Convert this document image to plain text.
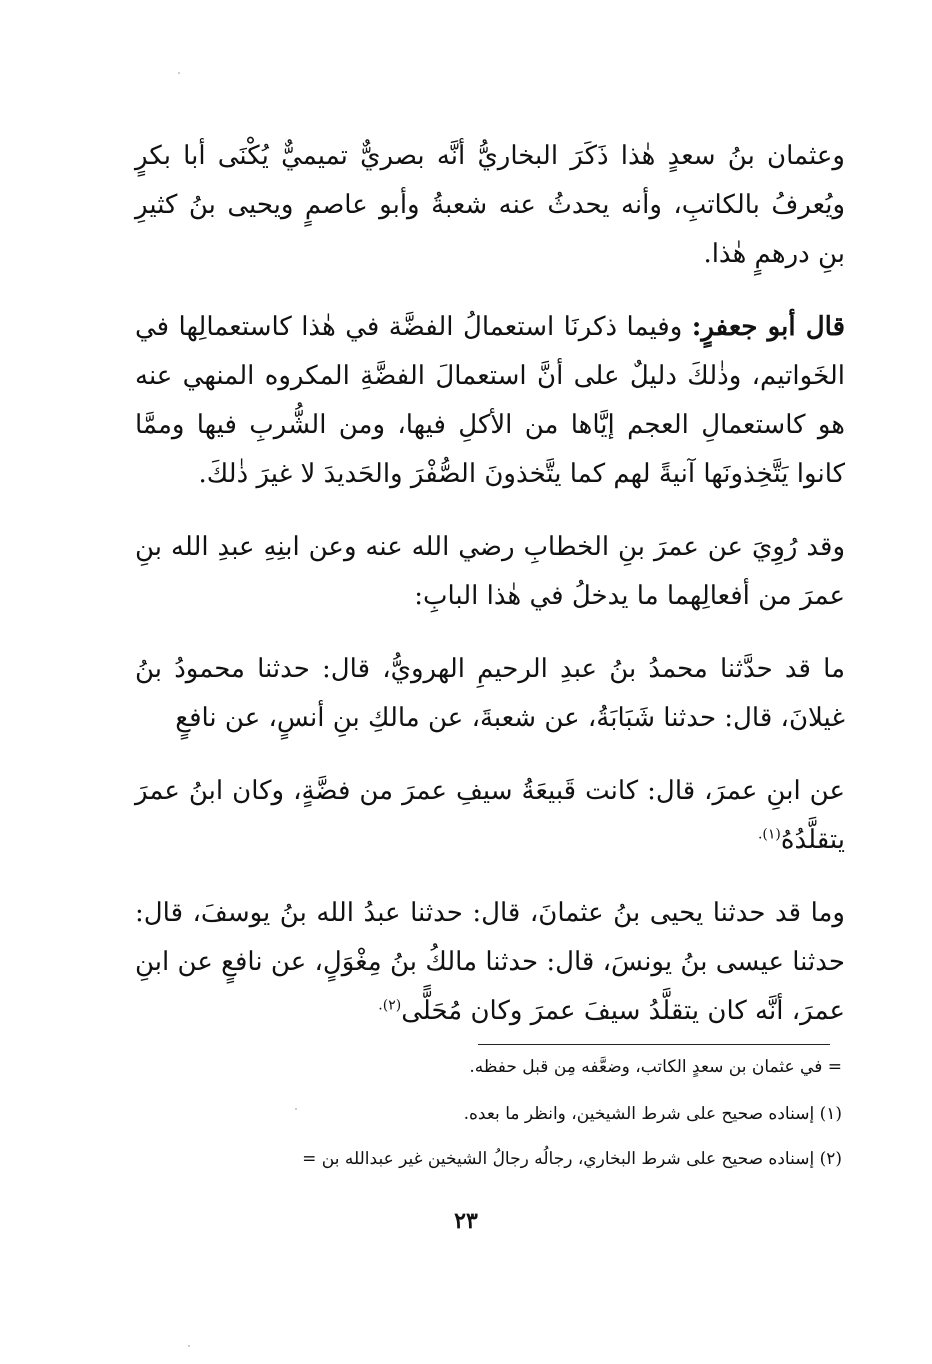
وعثمان بنُ سعدٍ هٰذا ذَكَرَ البخاريُّ أنَّه بصريٌّ تميميٌّ يُكْنَى أبا بكرٍ ويُعرفُ بالكاتبِ، وأنه يحدثُ عنه شعبةُ وأبو عاصمٍ ويحيى بنُ كثيرِ بنِ درهمٍ هٰذا.

قال أبو جعفرٍ: وفيما ذكرنَا استعمالُ الفضَّة في هٰذا كاستعمالِها في الخَواتيم، وذٰلكَ دليلٌ على أنَّ استعمالَ الفضَّةِ المكروه المنهي عنه هو كاستعمالِ العجم إيَّاها من الأكلِ فيها، ومن الشُّربِ فيها وممَّا كانوا يَتَّخِذونَها آنيةً لهم كما يتَّخذونَ الصُّفْرَ والحَديدَ لا غيرَ ذٰلكَ.

وقد رُوِيَ عن عمرَ بنِ الخطابِ رضي الله عنه وعن ابنِهِ عبدِ الله بنِ عمرَ من أفعالِهما ما يدخلُ في هٰذا البابِ:

ما قد حدَّثنا محمدُ بنُ عبدِ الرحيمِ الهرويُّ، قال: حدثنا محمودُ بنُ غيلانَ، قال: حدثنا شَبَابَةُ، عن شعبةَ، عن مالكِ بنِ أنسٍ، عن نافعٍ

عن ابنِ عمرَ، قال: كانت قَبيعَةُ سيفِ عمرَ من فضَّةٍ، وكان ابنُ عمرَ يتقلَّدُهُ$^{(١).}$

وما قد حدثنا يحيى بنُ عثمانَ، قال: حدثنا عبدُ الله بنُ يوسفَ، قال: حدثنا عيسى بنُ يونسَ، قال: حدثنا مالكُ بنُ مِغْوَلٍ، عن نافعٍ عن ابنِ عمرَ، أنَّه كان يتقلَّدُ سيفَ عمرَ وكان مُحَلًّى$^{(٢).}$

= في عثمان بن سعدٍ الكاتب، وضعَّفه مِن قبل حفظه.

(١) إسناده صحيح على شرط الشيخين، وانظر ما بعده.

(٢) إسناده صحيح على شرط البخاري، رجالُه رجالُ الشيخين غير عبدالله بن =

٢٣
